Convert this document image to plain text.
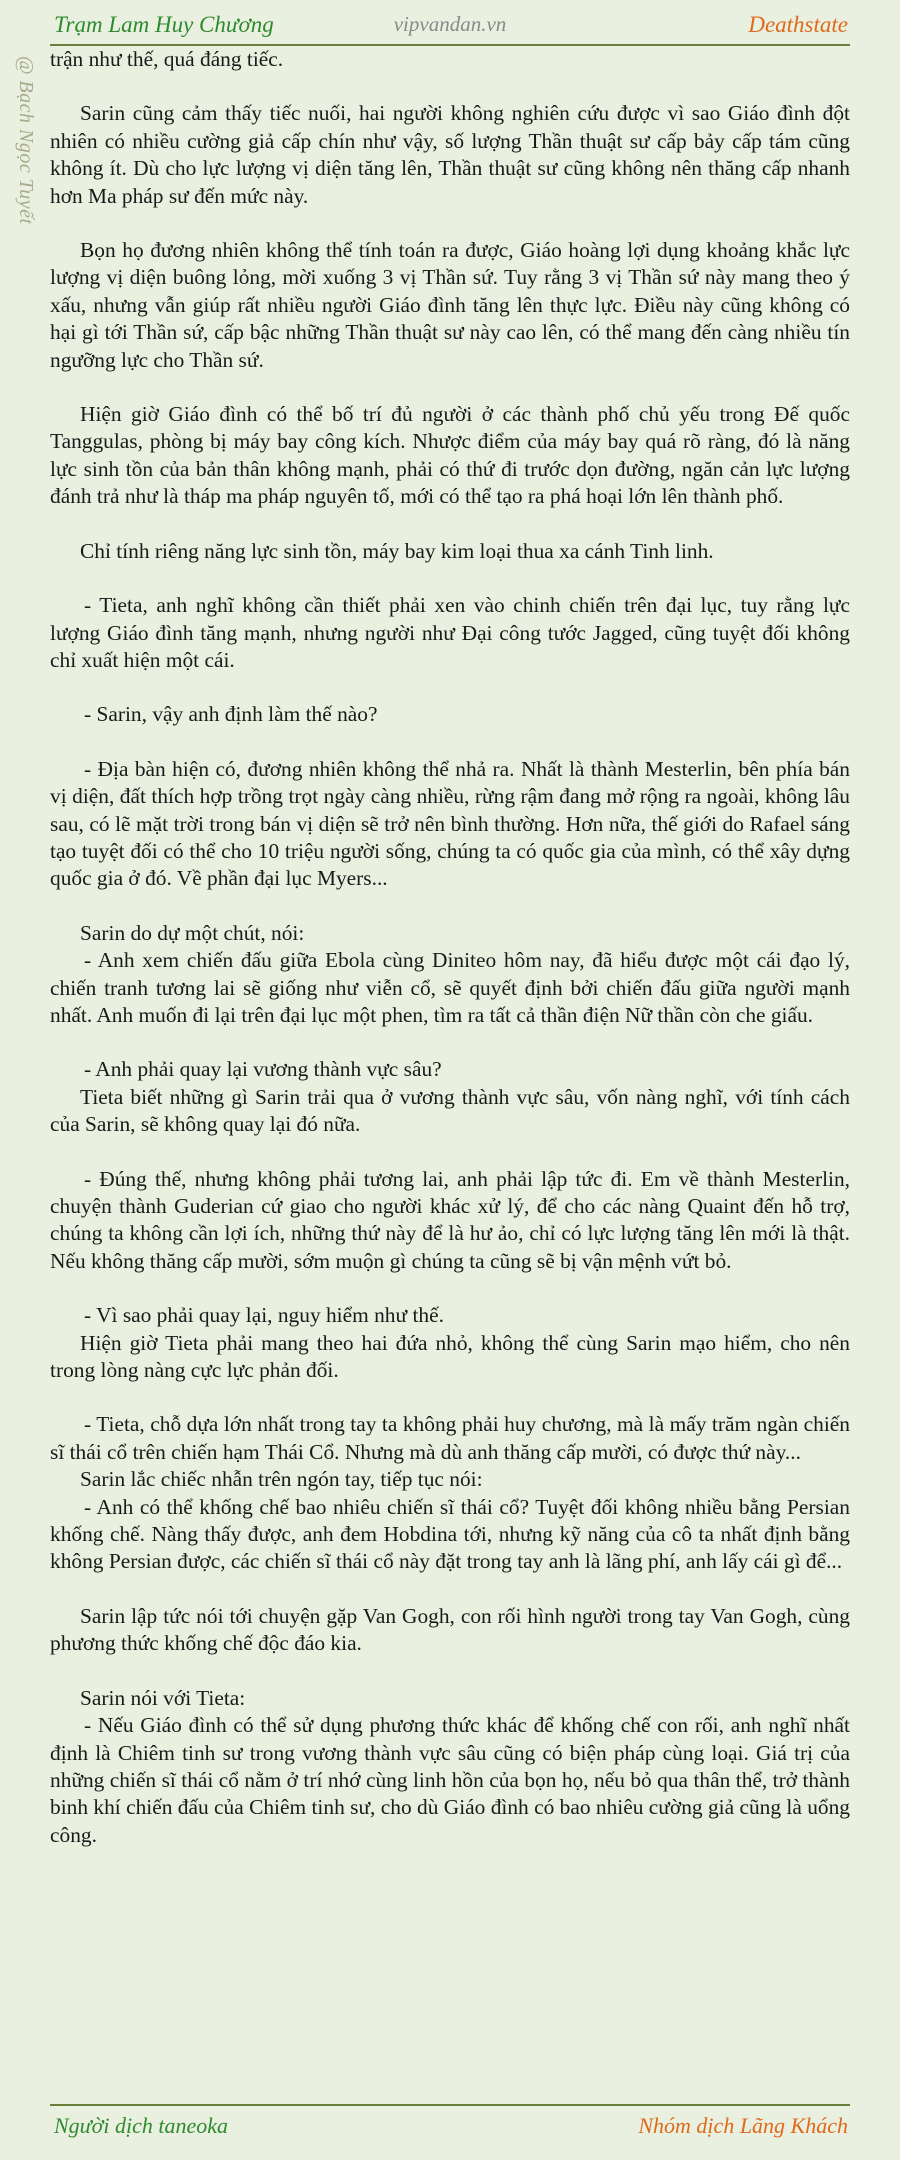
Trạm Lam Huy Chương	vipvandan.vn	Deathstate
@ Bạch Ngọc Tuyết trận như thế, quá đáng tiếc.

Sarin cũng cảm thấy tiếc nuối, hai người không nghiên cứu được vì sao Giáo đình đột nhiên có nhiều cường giả cấp chín như vậy, số lượng Thần thuật sư cấp bảy cấp tám cũng không ít. Dù cho lực lượng vị diện tăng lên, Thần thuật sư cũng không nên thăng cấp nhanh hơn Ma pháp sư đến mức này.

Bọn họ đương nhiên không thể tính toán ra được, Giáo hoàng lợi dụng khoảng khắc lực lượng vị diện buông lỏng, mời xuống 3 vị Thần sứ. Tuy rằng 3 vị Thần sứ này mang theo ý xấu, nhưng vẫn giúp rất nhiều người Giáo đình tăng lên thực lực. Điều này cũng không có hại gì tới Thần sứ, cấp bậc những Thần thuật sư này cao lên, có thể mang đến càng nhiều tín ngưỡng lực cho Thần sứ.

Hiện giờ Giáo đình có thể bố trí đủ người ở các thành phố chủ yếu trong Đế quốc Tanggulas, phòng bị máy bay công kích. Nhược điểm của máy bay quá rõ ràng, đó là năng lực sinh tồn của bản thân không mạnh, phải có thứ đi trước dọn đường, ngăn cản lực lượng đánh trả như là tháp ma pháp nguyên tố, mới có thể tạo ra phá hoại lớn lên thành phố.

Chỉ tính riêng năng lực sinh tồn, máy bay kim loại thua xa cánh Tinh linh.

- Tieta, anh nghĩ không cần thiết phải xen vào chinh chiến trên đại lục, tuy rằng lực lượng Giáo đình tăng mạnh, nhưng người như Đại công tước Jagged, cũng tuyệt đối không chỉ xuất hiện một cái.

- Sarin, vậy anh định làm thế nào?

- Địa bàn hiện có, đương nhiên không thể nhả ra. Nhất là thành Mesterlin, bên phía bán vị diện, đất thích hợp trồng trọt ngày càng nhiều, rừng rậm đang mở rộng ra ngoài, không lâu sau, có lẽ mặt trời trong bán vị diện sẽ trở nên bình thường. Hơn nữa, thế giới do Rafael sáng tạo tuyệt đối có thể cho 10 triệu người sống, chúng ta có quốc gia của mình, có thể xây dựng quốc gia ở đó. Về phần đại lục Myers...

Sarin do dự một chút, nói:

- Anh xem chiến đấu giữa Ebola cùng Diniteo hôm nay, đã hiểu được một cái đạo lý, chiến tranh tương lai sẽ giống như viễn cổ, sẽ quyết định bởi chiến đấu giữa người mạnh nhất. Anh muốn đi lại trên đại lục một phen, tìm ra tất cả thần điện Nữ thần còn che giấu.

- Anh phải quay lại vương thành vực sâu?

Tieta biết những gì Sarin trải qua ở vương thành vực sâu, vốn nàng nghĩ, với tính cách của Sarin, sẽ không quay lại đó nữa.

- Đúng thế, nhưng không phải tương lai, anh phải lập tức đi. Em về thành Mesterlin, chuyện thành Guderian cứ giao cho người khác xử lý, để cho các nàng Quaint đến hỗ trợ, chúng ta không cần lợi ích, những thứ này để là hư ảo, chỉ có lực lượng tăng lên mới là thật. Nếu không thăng cấp mười, sớm muộn gì chúng ta cũng sẽ bị vận mệnh vứt bỏ.

- Vì sao phải quay lại, nguy hiểm như thế.

Hiện giờ Tieta phải mang theo hai đứa nhỏ, không thể cùng Sarin mạo hiểm, cho nên trong lòng nàng cực lực phản đối.

- Tieta, chỗ dựa lớn nhất trong tay ta không phải huy chương, mà là mấy trăm ngàn chiến sĩ thái cổ trên chiến hạm Thái Cổ. Nhưng mà dù anh thăng cấp mười, có được thứ này...

Sarin lắc chiếc nhẫn trên ngón tay, tiếp tục nói:

- Anh có thể khống chế bao nhiêu chiến sĩ thái cổ? Tuyệt đối không nhiều bằng Persian khống chế. Nàng thấy được, anh đem Hobdina tới, nhưng kỹ năng của cô ta nhất định bằng không Persian được, các chiến sĩ thái cổ này đặt trong tay anh là lãng phí, anh lấy cái gì để...

Sarin lập tức nói tới chuyện gặp Van Gogh, con rối hình người trong tay Van Gogh, cùng phương thức khống chế độc đáo kia.

Sarin nói với Tieta:

- Nếu Giáo đình có thể sử dụng phương thức khác để khống chế con rối, anh nghĩ nhất định là Chiêm tinh sư trong vương thành vực sâu cũng có biện pháp cùng loại. Giá trị của những chiến sĩ thái cổ nằm ở trí nhớ cùng linh hồn của bọn họ, nếu bỏ qua thân thể, trở thành binh khí chiến đấu của Chiêm tinh sư, cho dù Giáo đình có bao nhiêu cường giả cũng là uổng công.

Người dịch taneoka	Nhóm dịch Lãng Khách
